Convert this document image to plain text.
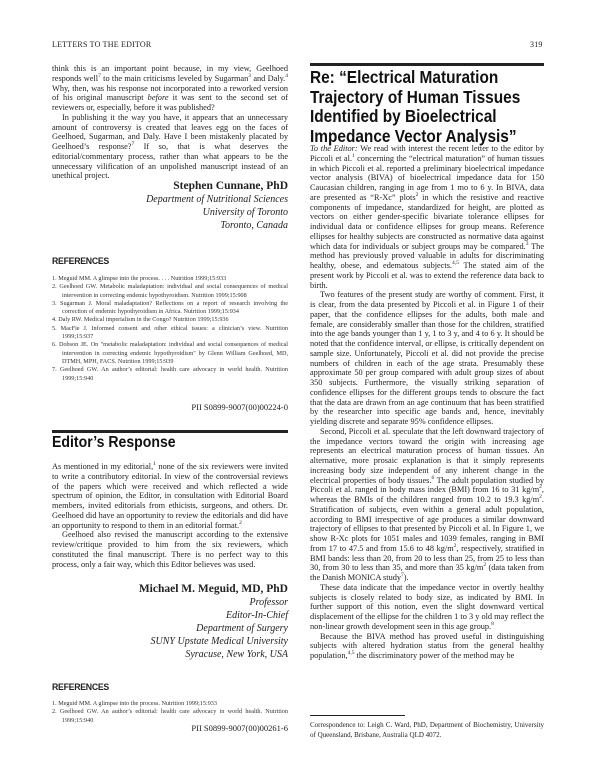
LETTERS TO THE EDITOR	319

think this is an important point because, in my view, Geelhoed responds well$^7$ to the main criticisms leveled by Sugarman$^3$ and Daly.$^4$ Why, then, was his response not incorporated into a reworked version of his original manuscript before it was sent to the second set of reviewers or, especially, before it was published?

In publishing it the way you have, it appears that an unnecessary amount of controversy is created that leaves egg on the faces of Geelhoed, Sugarman, and Daly. Have I been mistakenly placated by Geelhoed’s response?$^7$ If so, that is what deserves the editorial/commentary process, rather than what appears to be the unnecessary vilification of an unpolished manuscript instead of an unethical project.

Stephen Cunnane, PhD
Department of Nutritional Sciences
University of Toronto
Toronto, Canada
REFERENCES
1. Meguid MM. A glimpse into the process. . . . Nutrition 1999;15:933
2. Geelhoed GW. Metabolic maladaptation: individual and social consequences of medical intervention in correcting endemic hypothyroidism. Nutrition 1999;15:908
3. Sugarman J. Moral maladaptation? Reflections on a report of research involving the correction of endemic hypothyroidism in Africa. Nutrition 1999;15:934
4. Daly RW. Medical imperialism in the Congo? Nutrition 1999;15:936
5. MacFie J. Informed consent and other ethical issues: a clinician’s view. Nutrition 1999;15:937
6. Dobson JE. On "metabolic maladaptation: individual and social consequences of medical intervention in correcting endemic hypothyroidism" by Glenn William Geelhoed, MD, DTMH, MPH, FACS. Nutrition 1999;15:939
7. Geelhoed GW. An author’s editorial: health care advocacy in world health. Nutrition 1999;15:940
PII S0899-9007(00)00224-0
Editor’s Response

As mentioned in my editorial,$^1$ none of the six reviewers were invited to write a contributory editorial. In view of the controversial reviews of the papers which were received and which reflected a wide spectrum of opinion, the Editor, in consultation with Editorial Board members, invited editorials from ethicists, surgeons, and others. Dr. Geelhoed did have an opportunity to review the editorials and did have an opportunity to respond to them in an editorial format.$^2$

Geelhoed also revised the manuscript according to the extensive review/critique provided to him from the six reviewers, which constituted the final manuscript. There is no perfect way to this process, only a fair way, which this Editor believes was used.

Michael M. Meguid, MD, PhD
Professor
Editor-In-Chief
Department of Surgery
SUNY Upstate Medical University
Syracuse, New York, USA
REFERENCES
1. Meguid MM. A glimpse into the process. Nutrition 1999;15:933
2. Geelhoed GW. An author’s editorial: health care advocacy in world health. Nutrition 1999;15:940
PII S0899-9007(00)00261-6
Re: “Electrical Maturation Trajectory of Human Tissues Identified by Bioelectrical Impedance Vector Analysis”

To the Editor: We read with interest the recent letter to the editor by Piccoli et al.$^1$ concerning the “electrical maturation” of human tissues in which Piccoli et al. reported a preliminary bioelectrical impedance vector analysis (BIVA) of bioelectrical impedance data for 150 Caucasian children, ranging in age from 1 mo to 6 y. In BIVA, data are presented as “R-Xc” plots$^2$ in which the resistive and reactive components of impedance, standardized for height, are plotted as vectors on either gender-specific bivariate tolerance ellipses for individual data or confidence ellipses for group means. Reference ellipses for healthy subjects are constructed as normative data against which data for individuals or subject groups may be compared.$^3$ The method has previously proved valuable in adults for discriminating healthy, obese, and edematous subjects.$^{4,5}$ The stated aim of the present work by Piccoli et al. was to extend the reference data back to birth.

Two features of the present study are worthy of comment. First, it is clear, from the data presented by Piccoli et al. in Figure 1 of their paper, that the confidence ellipses for the adults, both male and female, are considerably smaller than those for the children, stratified into the age bands younger than 1 y, 1 to 3 y, and 4 to 6 y. It should be noted that the confidence interval, or ellipse, is critically dependent on sample size. Unfortunately, Piccoli et al. did not provide the precise numbers of children in each of the age strata. Presumably these approximate 50 per group compared with adult group sizes of about 350 subjects. Furthermore, the visually striking separation of confidence ellipses for the different groups tends to obscure the fact that the data are drawn from an age continuum that has been stratified by the researcher into specific age bands and, hence, inevitably yielding discrete and separate 95% confidence ellipses.

Second, Piccoli et al. speculate that the left downward trajectory of the impedance vectors toward the origin with increasing age represents an electrical maturation process of human tissues. An alternative, more prosaic explanation is that it simply represents increasing body size independent of any inherent change in the electrical properties of body tissues.$^6$ The adult population studied by Piccoli et al. ranged in body mass index (BMI) from 16 to 31 $kg/m^2$, whereas the BMIs of the children ranged from 10.2 to 19.3 $kg/m^2$. Stratification of subjects, even within a general adult population, according to BMI irrespective of age produces a similar downward trajectory of ellipses to that presented by Piccoli et al. In Figure 1, we show R-Xc plots for 1051 males and 1039 females, ranging in BMI from 17 to 47.5 and from 15.6 to 48 $kg/m^2$, respectively, stratified in BMI bands: less than 20, from 20 to less than 25, from 25 to less than 30, from 30 to less than 35, and more than 35 $kg/m^2$ (data taken from the Danish MONICA study$^7$).

These data indicate that the impedance vector in overtly healthy subjects is closely related to body size, as indicated by BMI. In further support of this notion, even the slight downward vertical displacement of the ellipse for the children 1 to 3 y old may reflect the non-linear growth development seen in this age group.$^8$

Because the BIVA method has proved useful in distinguishing subjects with altered hydration status from the general healthy population,$^{4,5}$ the discriminatory power of the method may be

Correspondence to: Leigh C. Ward, PhD, Department of Biochemistry, University of Queensland, Brisbane, Australia QLD 4072.
